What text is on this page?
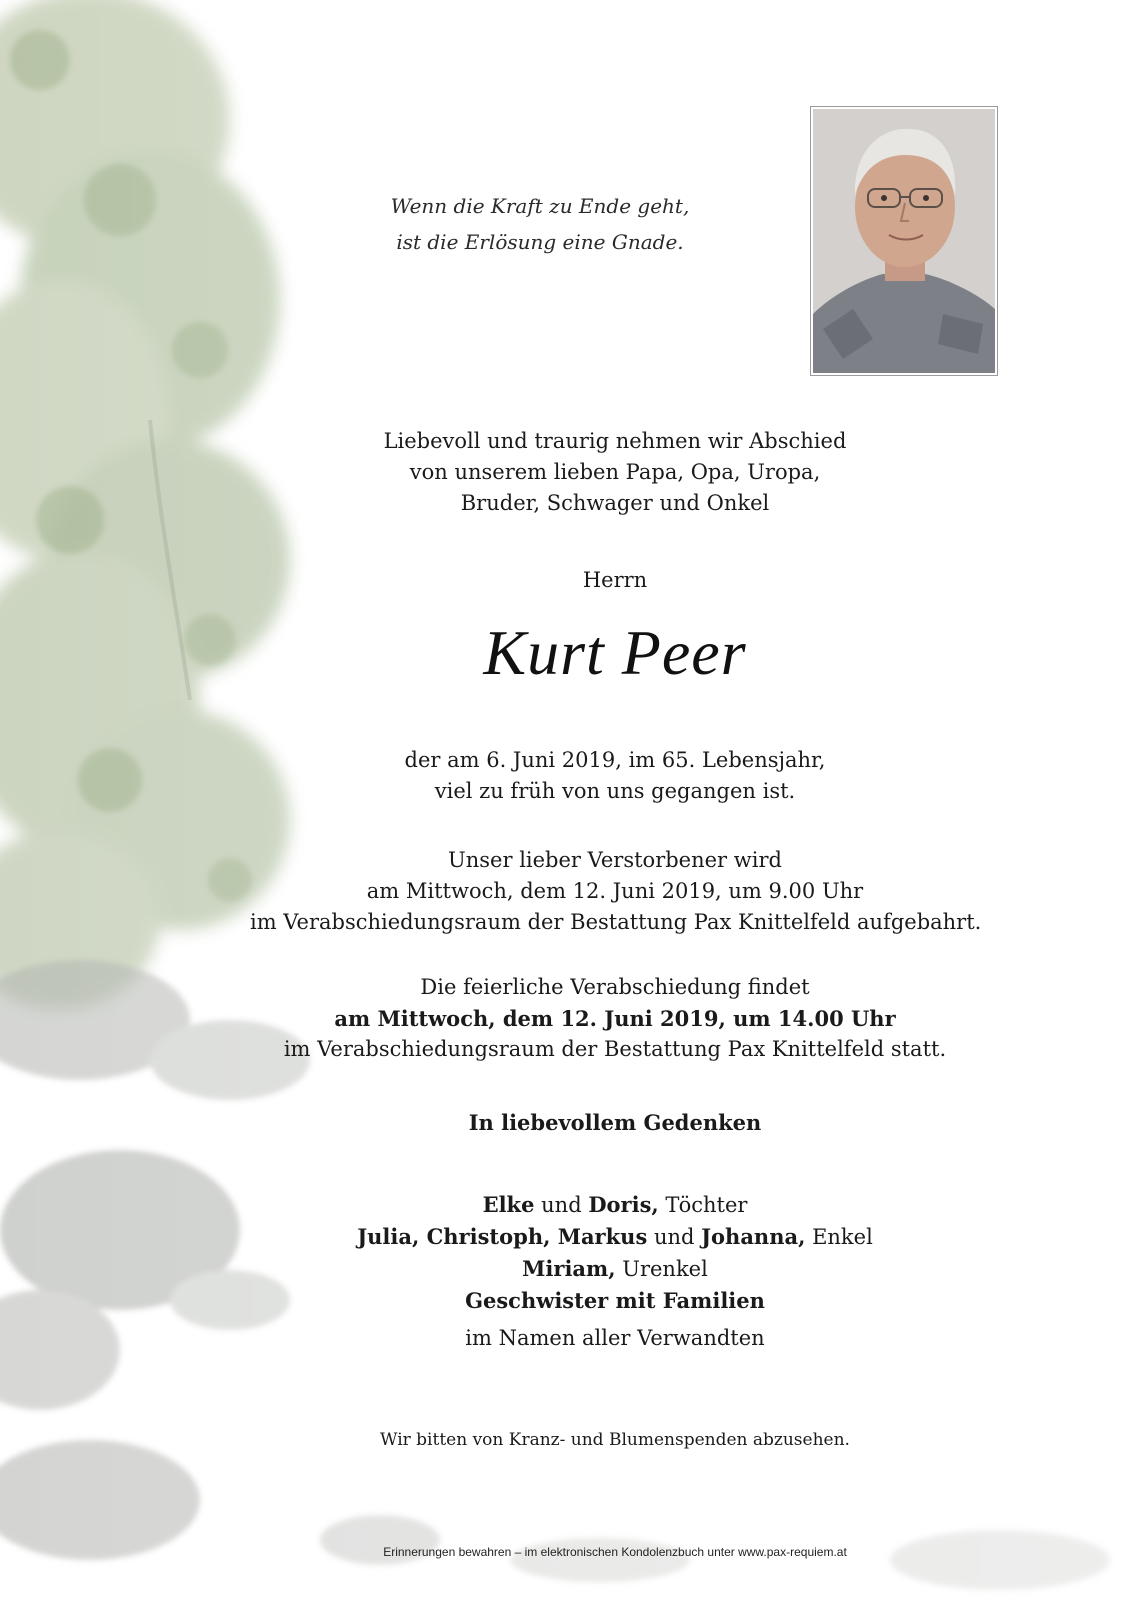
Wenn die Kraft zu Ende geht,
ist die Erlösung eine Gnade.
Liebevoll und traurig nehmen wir Abschied
von unserem lieben Papa, Opa, Uropa,
Bruder, Schwager und Onkel
Herrn
Kurt Peer
der am 6. Juni 2019, im 65. Lebensjahr,
viel zu früh von uns gegangen ist.
Unser lieber Verstorbener wird
am Mittwoch, dem 12. Juni 2019, um 9.00 Uhr
im Verabschiedungsraum der Bestattung Pax Knittelfeld aufgebahrt.
Die feierliche Verabschiedung findet
am Mittwoch, dem 12. Juni 2019, um 14.00 Uhr
im Verabschiedungsraum der Bestattung Pax Knittelfeld statt.
In liebevollem Gedenken
Elke und Doris, Töchter
Julia, Christoph, Markus und Johanna, Enkel
Miriam, Urenkel
Geschwister mit Familien
im Namen aller Verwandten
Wir bitten von Kranz- und Blumenspenden abzusehen.
Erinnerungen bewahren – im elektronischen Kondolenzbuch unter www.pax-requiem.at
